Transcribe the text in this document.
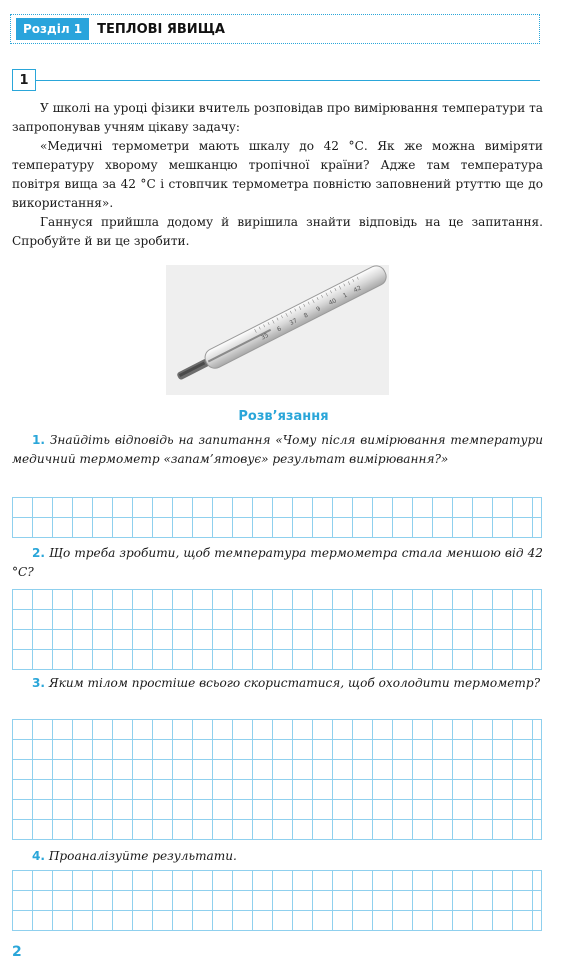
Розділ 1	ТЕПЛОВІ ЯВИЩА
1

У школі на уроці фізики вчитель розповідав про вимірювання температури та запропонував учням цікаву задачу:

«Медичні термометри мають шкалу до 42 °С. Як же можна виміряти температуру хворому мешканцю тропічної країни? Адже там температура повітря вища за 42 °С і стовпчик термометра повністю заповнений ртуттю ще до використання».

Ганнуся прийшла додому й вирішила знайти відповідь на це запитання. Спробуйте й ви це зробити.

35
6
37
8
9
40
1
42
Розв’язання
1. Знайдіть відповідь на запитання «Чому після вимірювання температури медичний термометр «запам’ятовує» результат вимірювання?»
2. Що треба зробити, щоб температура термометра стала меншою від 42 °С?
3. Яким тілом простіше всього скористатися, щоб охолодити термометр?
4. Проаналізуйте результати.
2
